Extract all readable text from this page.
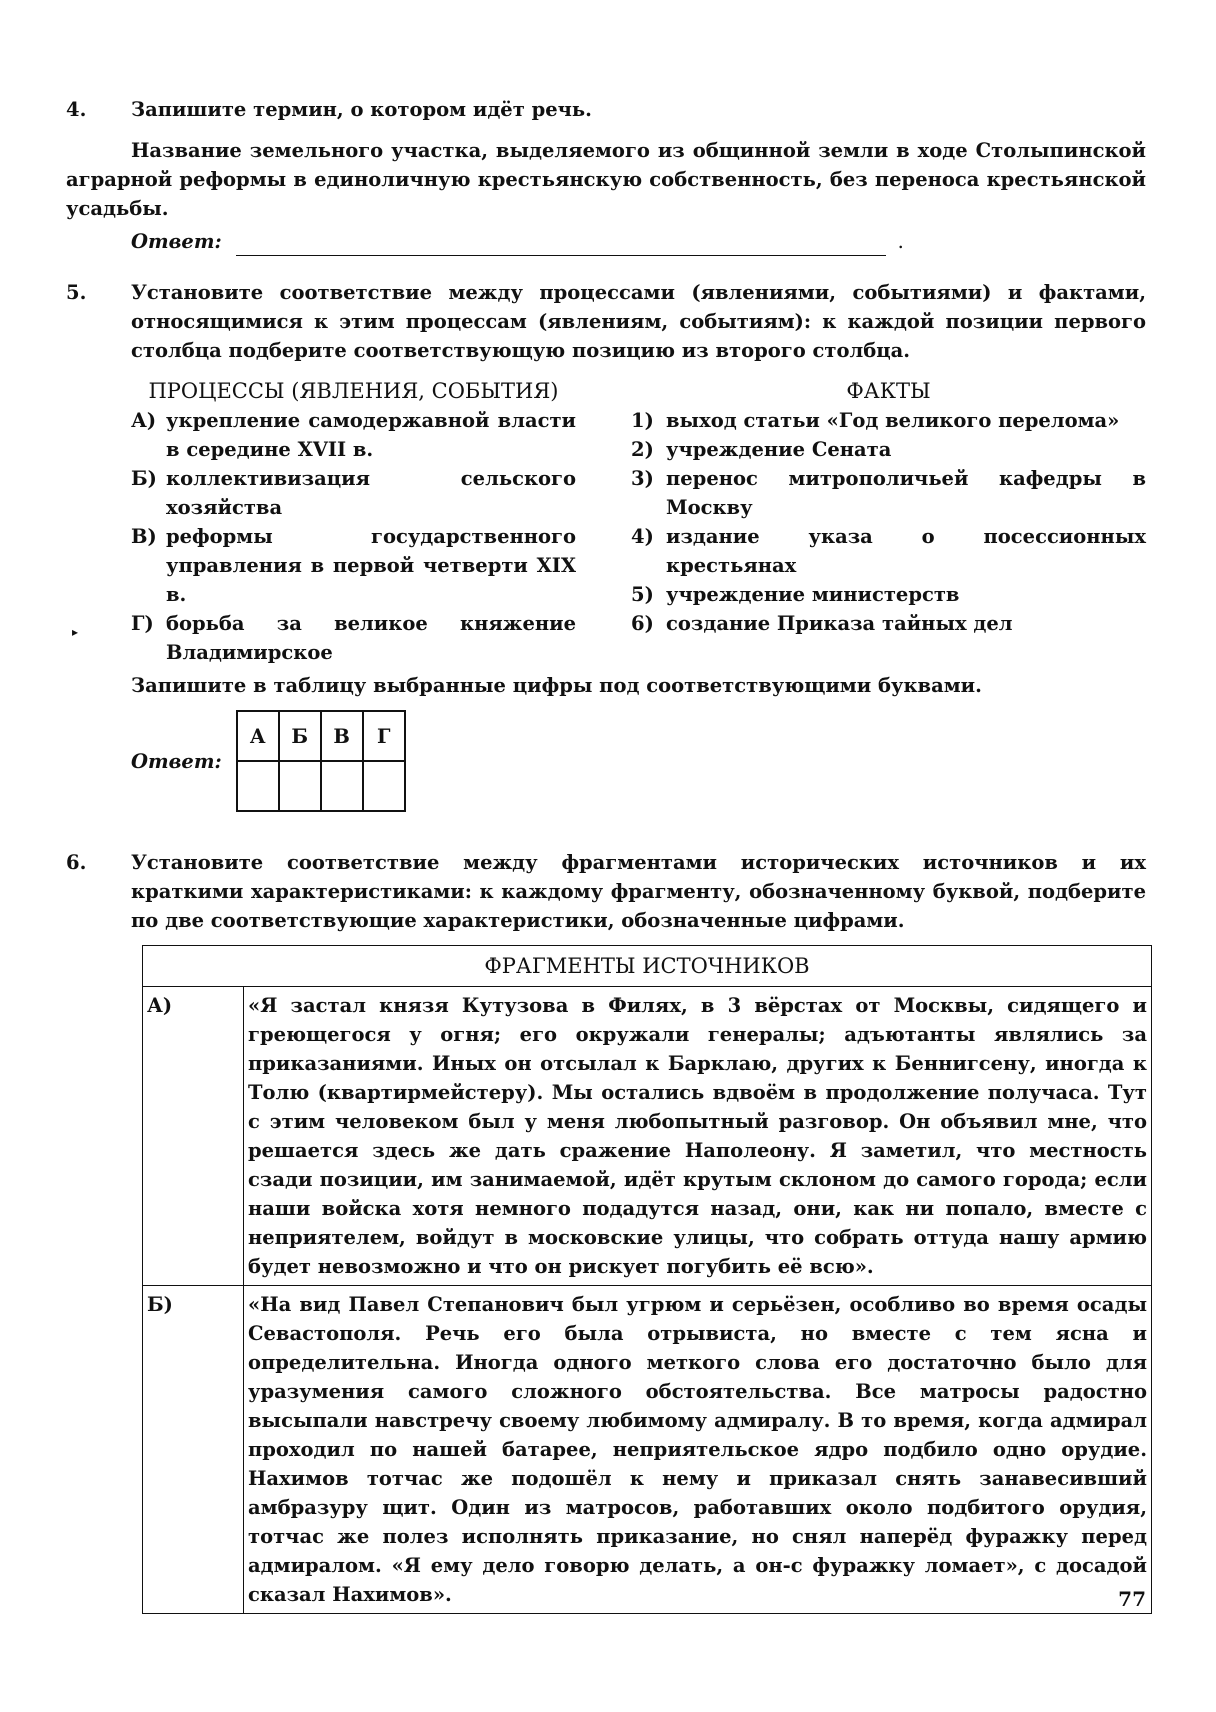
▸
4. Запишите термин, о котором идёт речь.

Название земельного участка, выделяемого из общинной земли в ходе Столыпинской аграрной реформы в единоличную крестьянскую собственность, без переноса крестьянской усадьбы.

Ответ:	.
5. Установите соответствие между процессами (явлениями, событиями) и фактами, относящимися к этим процессам (явлениям, событиям): к каждой позиции первого столбца подберите соответствующую позицию из второго столбца.

ПРОЦЕССЫ (ЯВЛЕНИЯ, СОБЫТИЯ)
А) укрепление самодержавной власти в середине XVII в.
Б) коллективизация сельского хозяйства
В) реформы государственного управления в первой четверти XIX в.
Г) борьба за великое княжение Владимирское
ФАКТЫ
1) выход статьи «Год великого перелома»
2) учреждение Сената
3) перенос митрополичьей кафедры в Москву
4) издание указа о посессионных крестьянах
5) учреждение министерств
6) создание Приказа тайных дел

Запишите в таблицу выбранные цифры под соответствующими буквами.

Ответ:
А	Б	В	Г

6. Установите соответствие между фрагментами исторических источников и их краткими характеристиками: к каждому фрагменту, обозначенному буквой, подберите по две соответствующие характеристики, обозначенные цифрами.

ФРАГМЕНТЫ ИСТОЧНИКОВ	
А)	«Я застал князя Кутузова в Филях, в 3 вёрстах от Москвы, сидящего и греющегося у огня; его окружали генералы; адъютанты являлись за приказаниями. Иных он отсылал к Барклаю, других к Беннигсену, иногда к Толю (квартирмейстеру). Мы остались вдвоём в продолжение получаса. Тут с этим человеком был у меня любопытный разговор. Он объявил мне, что решается здесь же дать сражение Наполеону. Я заметил, что местность сзади позиции, им занимаемой, идёт крутым склоном до самого города; если наши войска хотя немного подадутся назад, они, как ни попало, вместе с неприятелем, войдут в московские улицы, что собрать оттуда нашу армию будет невозможно и что он рискует погубить её всю».
Б)	«На вид Павел Степанович был угрюм и серьёзен, особливо во время осады Севастополя. Речь его была отрывиста, но вместе с тем ясна и определительна. Иногда одного меткого слова его достаточно было для уразумения самого сложного обстоятельства. Все матросы радостно высыпали навстречу своему любимому адмиралу. В то время, когда адмирал проходил по нашей батарее, неприятельское ядро подбило одно орудие. Нахимов тотчас же подошёл к нему и приказал снять занавесивший амбразуру щит. Один из матросов, работавших около подбитого орудия, тотчас же полез исполнять приказание, но снял наперёд фуражку перед адмиралом. «Я ему дело говорю делать, а он-с фуражку ломает», с досадой сказал Нахимов».	77
